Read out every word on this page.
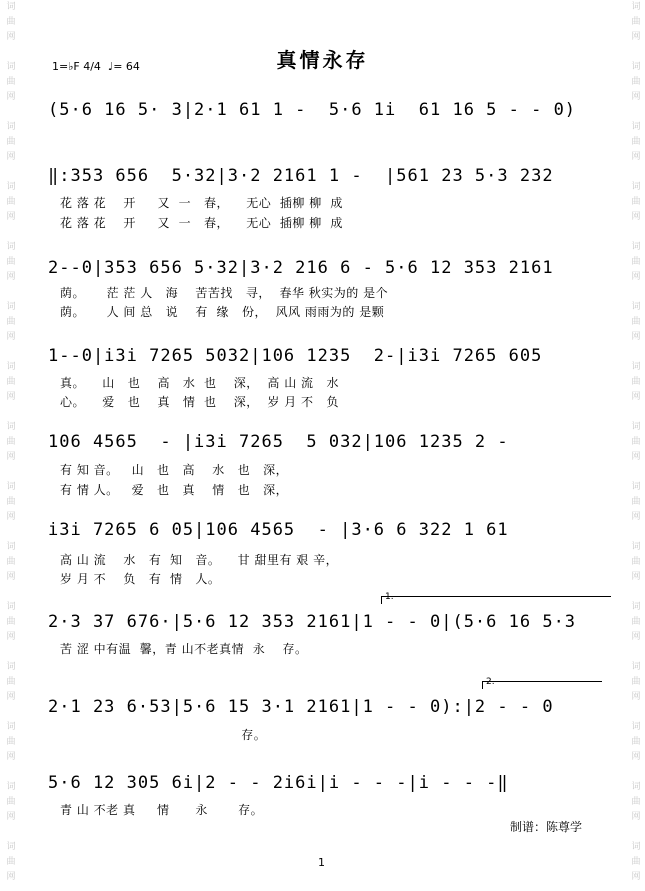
词曲网

词曲网

词曲网

词曲网

词曲网

词曲网

词曲网

词曲网

词曲网

词曲网

词曲网

词曲网

词曲网

词曲网

词曲网
词曲网

词曲网

词曲网

词曲网

词曲网

词曲网

词曲网

词曲网

词曲网

词曲网

词曲网

词曲网

词曲网

词曲网

词曲网
1=♭F 4/4 ♩= 64	真情永存
(5·6 16 5· 3|2·1 61 1 -  5·6 1i  61 16 5 - - 0)
‖:353 656  5·32|3·2 2161 1 -  |561 23 5·3 232
花 落 花    开     又  一   春，    无心  插柳 柳  成
花 落 花    开     又  一   春，    无心  插柳 柳  成
2--0|353 656 5·32|3·2 216 6 - 5·6 12 353 2161
荫。     茫 茫 人   海    苦苦找   寻，  春华 秋实为的 是个
荫。     人 间 总   说    有  缘   份，  风风 雨雨为的 是颗
1--0|i3i 7265 5032|106 1235  2-|i3i 7265 605
真。    山   也    高   水  也    深，  高 山 流   水
心。    爱   也    真   情  也    深，  岁 月 不   负
106 4565  - |i3i 7265  5 032|106 1235 2 -
有 知 音。   山   也   高    水   也   深，
有 情 人。   爱   也   真    情   也   深，
i3i 7265 6 05|106 4565  - |3·6 6 322 1 61
高 山 流    水   有  知   音。    甘 甜里有 艰 辛，
岁 月 不    负   有  情   人。
1.
2·3 37 676·|5·6 12 353 2161|1 - - 0|(5·6 16 5·3
苦 涩 中有温  馨，青 山不老真情  永    存。
2.
2·1 23 6·53|5·6 15 3·1 2161|1 - - 0):|2 - - 0
存。
5·6 12 305 6i|2 - - 2i6i|i - - -|i - - -‖
青 山 不老 真     情      永       存。
制谱：陈尊学
1
